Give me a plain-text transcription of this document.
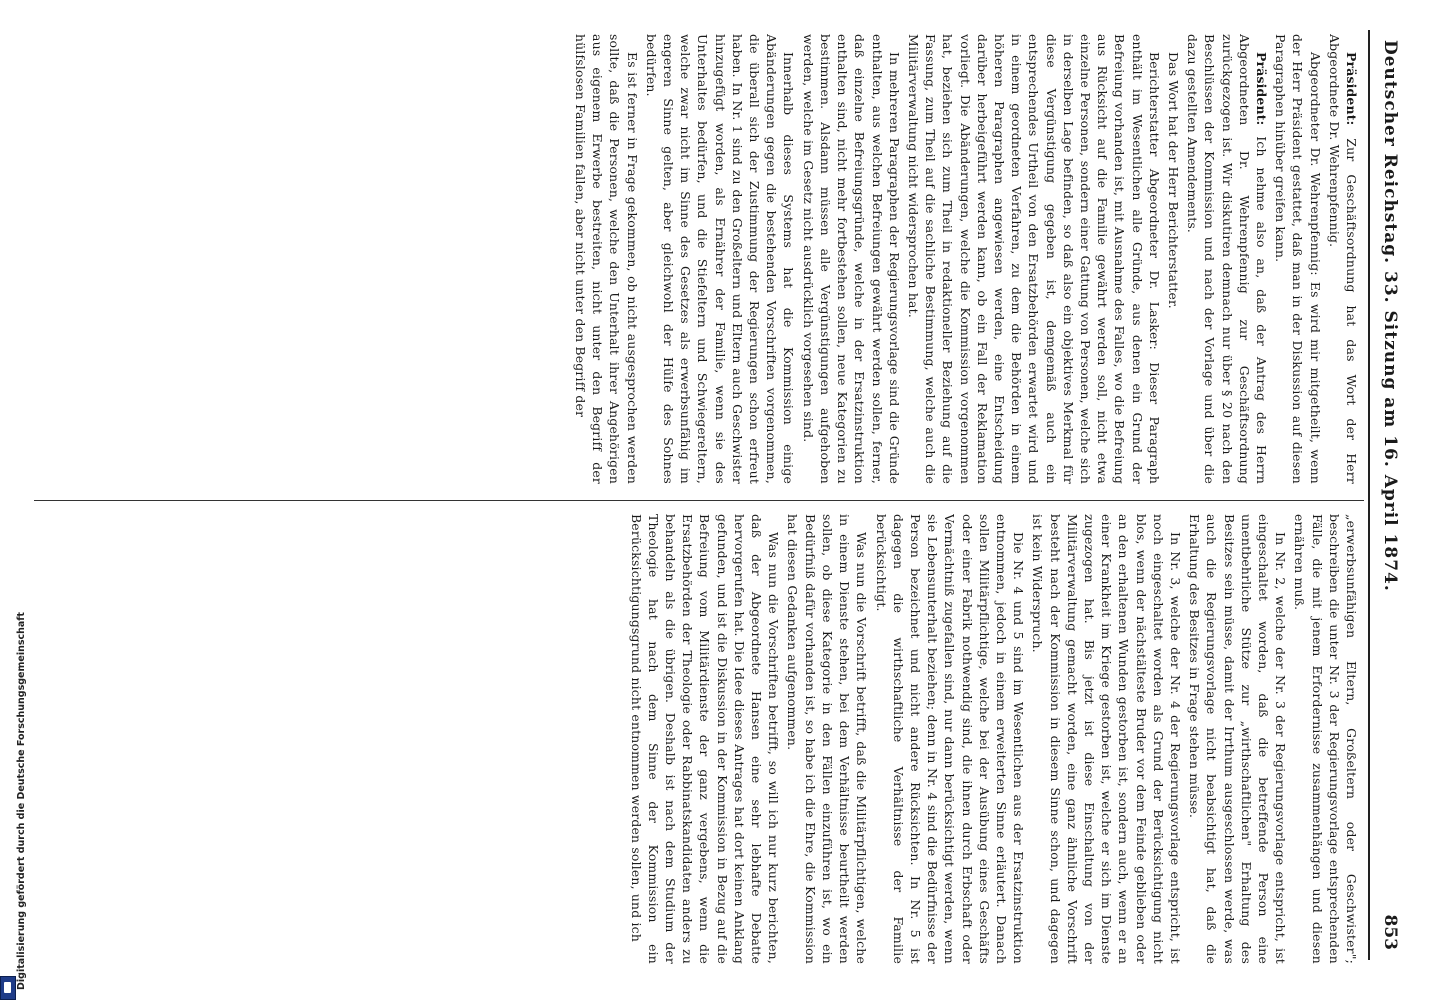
Deutscher Reichstag. 33. Sitzung am 16. April 1874.
853

Präsident: Zur Geschäftsordnung hat das Wort der Herr Abgeordnete Dr. Wehrenpfennig.

Abgeordneter Dr. Wehrenpfennig: Es wird mir mitgetheilt, wenn der Herr Präsident gestattet, daß man in der Diskussion auf diesen Paragraphen hinüber greifen kann.

Präsident: Ich nehme also an, daß der Antrag des Herrn Abgeordneten Dr. Wehrenpfennig zur Geschäftsordnung zurückgezogen ist. Wir diskutiren demnach nur über § 20 nach den Beschlüssen der Kommission und nach der Vorlage und über die dazu gestellten Amendements.

Das Wort hat der Herr Berichterstatter.

Berichterstatter Abgeordneter Dr. Lasker: Dieser Paragraph enthält im Wesentlichen alle Gründe, aus denen ein Grund der Befreiung vorhanden ist, mit Ausnahme des Falles, wo die Befreiung aus Rücksicht auf die Familie gewährt werden soll, nicht etwa einzelne Personen, sondern einer Gattung von Personen, welche sich in derselben Lage befinden, so daß also ein objektives Merkmal für diese Vergünstigung gegeben ist, demgemäß auch ein entsprechendes Urtheil von den Ersatzbehörden erwartet wird und in einem geordneten Verfahren, zu dem die Behörden in einem höheren Paragraphen angewiesen werden, eine Entscheidung darüber herbeigeführt werden kann, ob ein Fall der Reklamation vorliegt. Die Abänderungen, welche die Kommission vorgenommen hat, beziehen sich zum Theil in redaktioneller Beziehung auf die Fassung, zum Theil auf die sachliche Bestimmung, welche auch die Militärverwaltung nicht widersprochen hat.

In mehreren Paragraphen der Regierungsvorlage sind die Gründe enthalten, aus welchen Befreiungen gewährt werden sollen, ferner, daß einzelne Befreiungsgründe, welche in der Ersatzinstruktion enthalten sind, nicht mehr fortbestehen sollen, neue Kategorien zu bestimmen. Alsdann müssen alle Vergünstigungen aufgehoben werden, welche im Gesetz nicht ausdrücklich vorgesehen sind.

Innerhalb dieses Systems hat die Kommission einige Abänderungen gegen die bestehenden Vorschriften vorgenommen, die überall sich der Zustimmung der Regierungen schon erfreut haben. In Nr. 1 sind zu den Großeltern und Eltern auch Geschwister hinzugefügt worden, als Ernährer der Familie, wenn sie des Unterhaltes bedürfen, und die Stiefeltern und Schwiegereltern, welche zwar nicht im Sinne des Gesetzes als erwerbsunfähig im engeren Sinne gelten, aber gleichwohl der Hülfe des Sohnes bedürfen.

Es ist ferner in Frage gekommen, ob nicht ausgesprochen werden sollte, daß die Personen, welche den Unterhalt ihrer Angehörigen aus eigenem Erwerbe bestreiten, nicht unter den Begriff der hülfslosen Familien fallen, aber nicht unter den Begriff der

„erwerbsunfähigen Eltern, Großeltern oder Geschwister"; beschreiben die unter Nr. 3 der Regierungsvorlage entsprechenden Fälle, die mit jenem Erfordernisse zusammenhängen und diesen ernähren muß.

In Nr. 2, welche der Nr. 3 der Regierungsvorlage entspricht, ist eingeschaltet worden, daß die betreffende Person eine unentbehrliche Stütze zur „wirthschaftlichen" Erhaltung des Besitzes sein müsse, damit der Irrthum ausgeschlossen werde, was auch die Regierungsvorlage nicht beabsichtigt hat, daß die Erhaltung des Besitzes in Frage stehen müsse.

In Nr. 3, welche der Nr. 4 der Regierungsvorlage entspricht, ist noch eingeschaltet worden als Grund der Berücksichtigung nicht blos, wenn der nächstälteste Bruder vor dem Feinde geblieben oder an den erhaltenen Wunden gestorben ist, sondern auch, wenn er an einer Krankheit im Kriege gestorben ist, welche er sich im Dienste zugezogen hat. Bis jetzt ist diese Einschaltung von der Militärverwaltung gemacht worden, eine ganz ähnliche Vorschrift besteht nach der Kommission in diesem Sinne schon, und dagegen ist kein Widerspruch.

Die Nr. 4 und 5 sind im Wesentlichen aus der Ersatzinstruktion entnommen, jedoch in einem erweiterten Sinne erläutert. Danach sollen Militärpflichtige, welche bei der Ausübung eines Geschäfts oder einer Fabrik nothwendig sind, die ihnen durch Erbschaft oder Vermächtniß zugefallen sind, nur dann berücksichtigt werden, wenn sie Lebensunterhalt beziehen; denn in Nr. 4 sind die Bedürfnisse der Person bezeichnet und nicht andere Rücksichten. In Nr. 5 ist dagegen die wirthschaftliche Verhältnisse der Familie berücksichtigt.

Was nun die Vorschrift betrifft, daß die Militärpflichtigen, welche in einem Dienste stehen, bei dem Verhältnisse beurtheilt werden sollen, ob diese Kategorie in den Fällen einzuführen ist, wo ein Bedürfniß dafür vorhanden ist, so habe ich die Ehre, die Kommission hat diesen Gedanken aufgenommen.

Was nun die Vorschriften betrifft, so will ich nur kurz berichten, daß der Abgeordnete Hansen eine sehr lebhafte Debatte hervorgerufen hat. Die Idee dieses Antrages hat dort keinen Anklang gefunden, und ist die Diskussion in der Kommission in Bezug auf die Befreiung vom Militärdienste der ganz vergebens, wenn die Ersatzbehörden der Theologie oder Rabbinatskandidaten anders zu behandeln als die übrigen. Deshalb ist nach dem Studium der Theologie hat nach dem Sinne der Kommission ein Berücksichtigungsgrund nicht entnommen werden sollen, und ich

Digitalisierung gefördert durch die Deutsche Forschungsgemeinschaft
